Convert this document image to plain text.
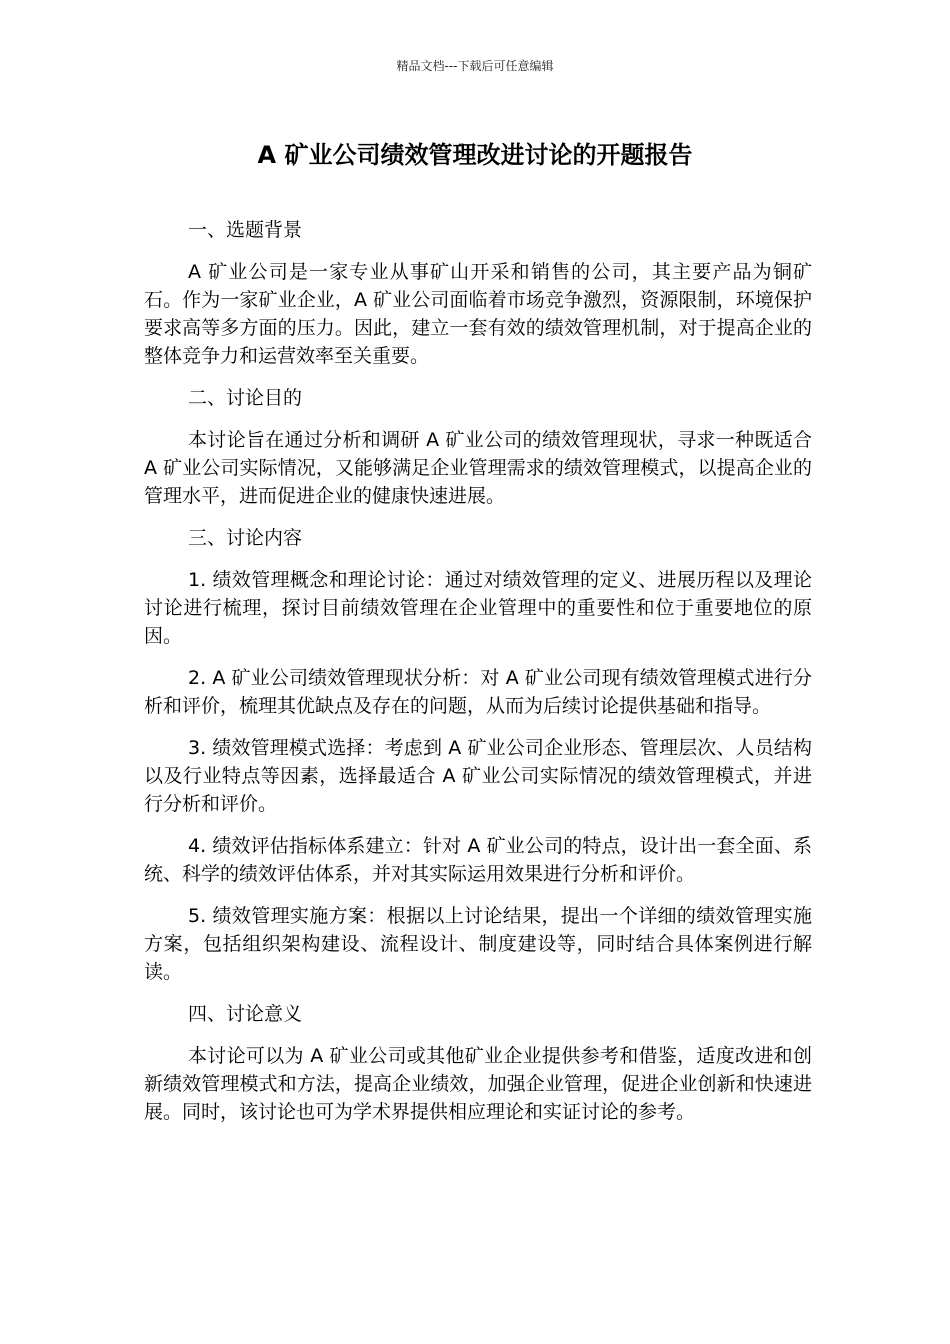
精品文档---下载后可任意编辑
A 矿业公司绩效管理改进讨论的开题报告

一、选题背景

A 矿业公司是一家专业从事矿山开采和销售的公司，其主要产品为铜矿石。作为一家矿业企业，A 矿业公司面临着市场竞争激烈，资源限制，环境保护要求高等多方面的压力。因此，建立一套有效的绩效管理机制，对于提高企业的整体竞争力和运营效率至关重要。

二、讨论目的

本讨论旨在通过分析和调研 A 矿业公司的绩效管理现状，寻求一种既适合 A 矿业公司实际情况，又能够满足企业管理需求的绩效管理模式，以提高企业的管理水平，进而促进企业的健康快速进展。

三、讨论内容

1. 绩效管理概念和理论讨论：通过对绩效管理的定义、进展历程以及理论讨论进行梳理，探讨目前绩效管理在企业管理中的重要性和位于重要地位的原因。

2. A 矿业公司绩效管理现状分析：对 A 矿业公司现有绩效管理模式进行分析和评价，梳理其优缺点及存在的问题，从而为后续讨论提供基础和指导。

3. 绩效管理模式选择：考虑到 A 矿业公司企业形态、管理层次、人员结构以及行业特点等因素，选择最适合 A 矿业公司实际情况的绩效管理模式，并进行分析和评价。

4. 绩效评估指标体系建立：针对 A 矿业公司的特点，设计出一套全面、系统、科学的绩效评估体系，并对其实际运用效果进行分析和评价。

5. 绩效管理实施方案：根据以上讨论结果，提出一个详细的绩效管理实施方案，包括组织架构建设、流程设计、制度建设等，同时结合具体案例进行解读。

四、讨论意义

本讨论可以为 A 矿业公司或其他矿业企业提供参考和借鉴，适度改进和创新绩效管理模式和方法，提高企业绩效，加强企业管理，促进企业创新和快速进展。同时，该讨论也可为学术界提供相应理论和实证讨论的参考。
